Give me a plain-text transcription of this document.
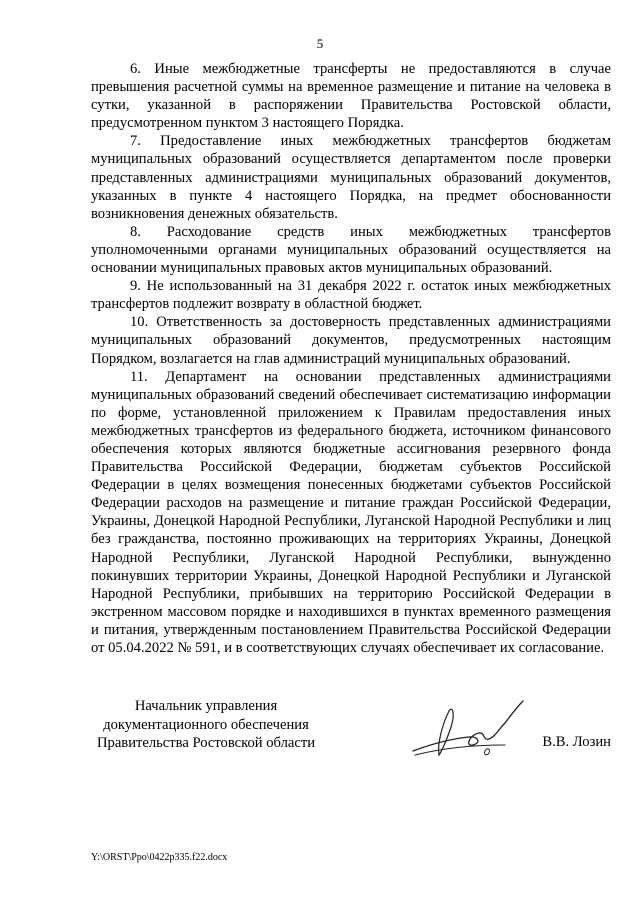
5

6. Иные межбюджетные трансферты не предоставляются в случае превышения расчетной суммы на временное размещение и питание на человека в сутки, указанной в распоряжении Правительства Ростовской области, предусмотренном пунктом 3 настоящего Порядка.

7. Предоставление иных межбюджетных трансфертов бюджетам муниципальных образований осуществляется департаментом после проверки представленных администрациями муниципальных образований документов, указанных в пункте 4 настоящего Порядка, на предмет обоснованности возникновения денежных обязательств.

8. Расходование средств иных межбюджетных трансфертов уполномоченными органами муниципальных образований осуществляется на основании муниципальных правовых актов муниципальных образований.

9. Не использованный на 31 декабря 2022 г. остаток иных межбюджетных трансфертов подлежит возврату в областной бюджет.

10. Ответственность за достоверность представленных администрациями муниципальных образований документов, предусмотренных настоящим Порядком, возлагается на глав администраций муниципальных образований.

11. Департамент на основании представленных администрациями муниципальных образований сведений обеспечивает систематизацию информации по форме, установленной приложением к Правилам предоставления иных межбюджетных трансфертов из федерального бюджета, источником финансового обеспечения которых являются бюджетные ассигнования резервного фонда Правительства Российской Федерации, бюджетам субъектов Российской Федерации в целях возмещения понесенных бюджетами субъектов Российской Федерации расходов на размещение и питание граждан Российской Федерации, Украины, Донецкой Народной Республики, Луганской Народной Республики и лиц без гражданства, постоянно проживающих на территориях Украины, Донецкой Народной Республики, Луганской Народной Республики, вынужденно покинувших территории Украины, Донецкой Народной Республики и Луганской Народной Республики, прибывших на территорию Российской Федерации в экстренном массовом порядке и находившихся в пунктах временного размещения и питания, утвержденным постановлением Правительства Российской Федерации от 05.04.2022 № 591, и в соответствующих случаях обеспечивает их согласование.

Начальник управления
документационного обеспечения
Правительства Ростовской области	В.В. Лозин
Y:\ORST\Ppo\0422p335.f22.docx
